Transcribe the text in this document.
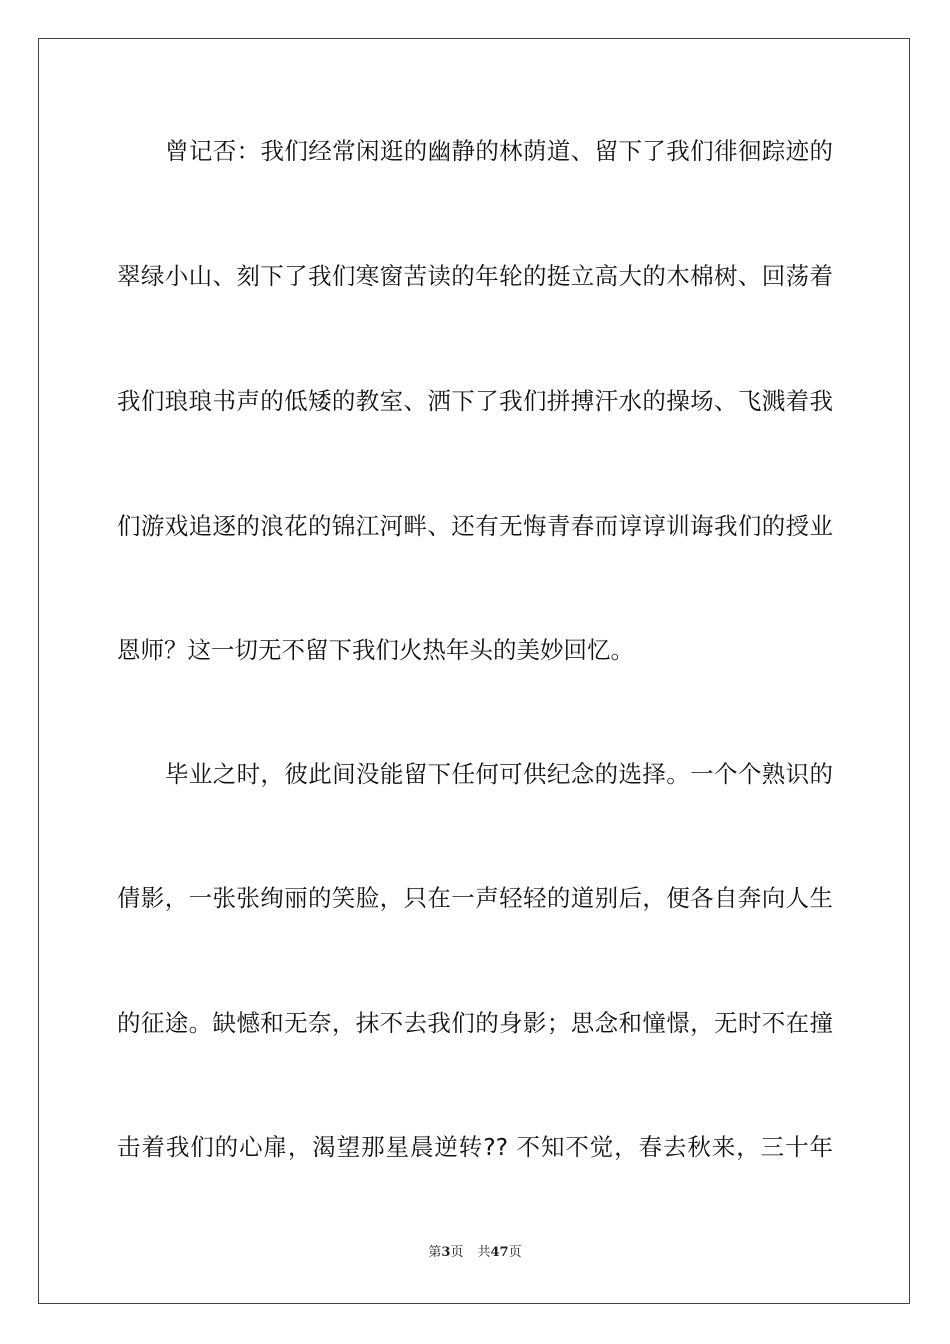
曾记否：我们经常闲逛的幽静的林荫道、留下了我们徘徊踪迹的
翠绿小山、刻下了我们寒窗苦读的年轮的挺立高大的木棉树、回荡着
我们琅琅书声的低矮的教室、洒下了我们拼搏汗水的操场、飞溅着我
们游戏追逐的浪花的锦江河畔、还有无悔青春而谆谆训诲我们的授业
恩师？这一切无不留下我们火热年头的美妙回忆。
毕业之时，彼此间没能留下任何可供纪念的选择。一个个熟识的
倩影，一张张绚丽的笑脸，只在一声轻轻的道别后，便各自奔向人生
的征途。缺憾和无奈，抹不去我们的身影；思念和憧憬，无时不在撞
击着我们的心扉，渴望那星晨逆转?? 不知不觉，春去秋来，三十年
第3页 共47页
